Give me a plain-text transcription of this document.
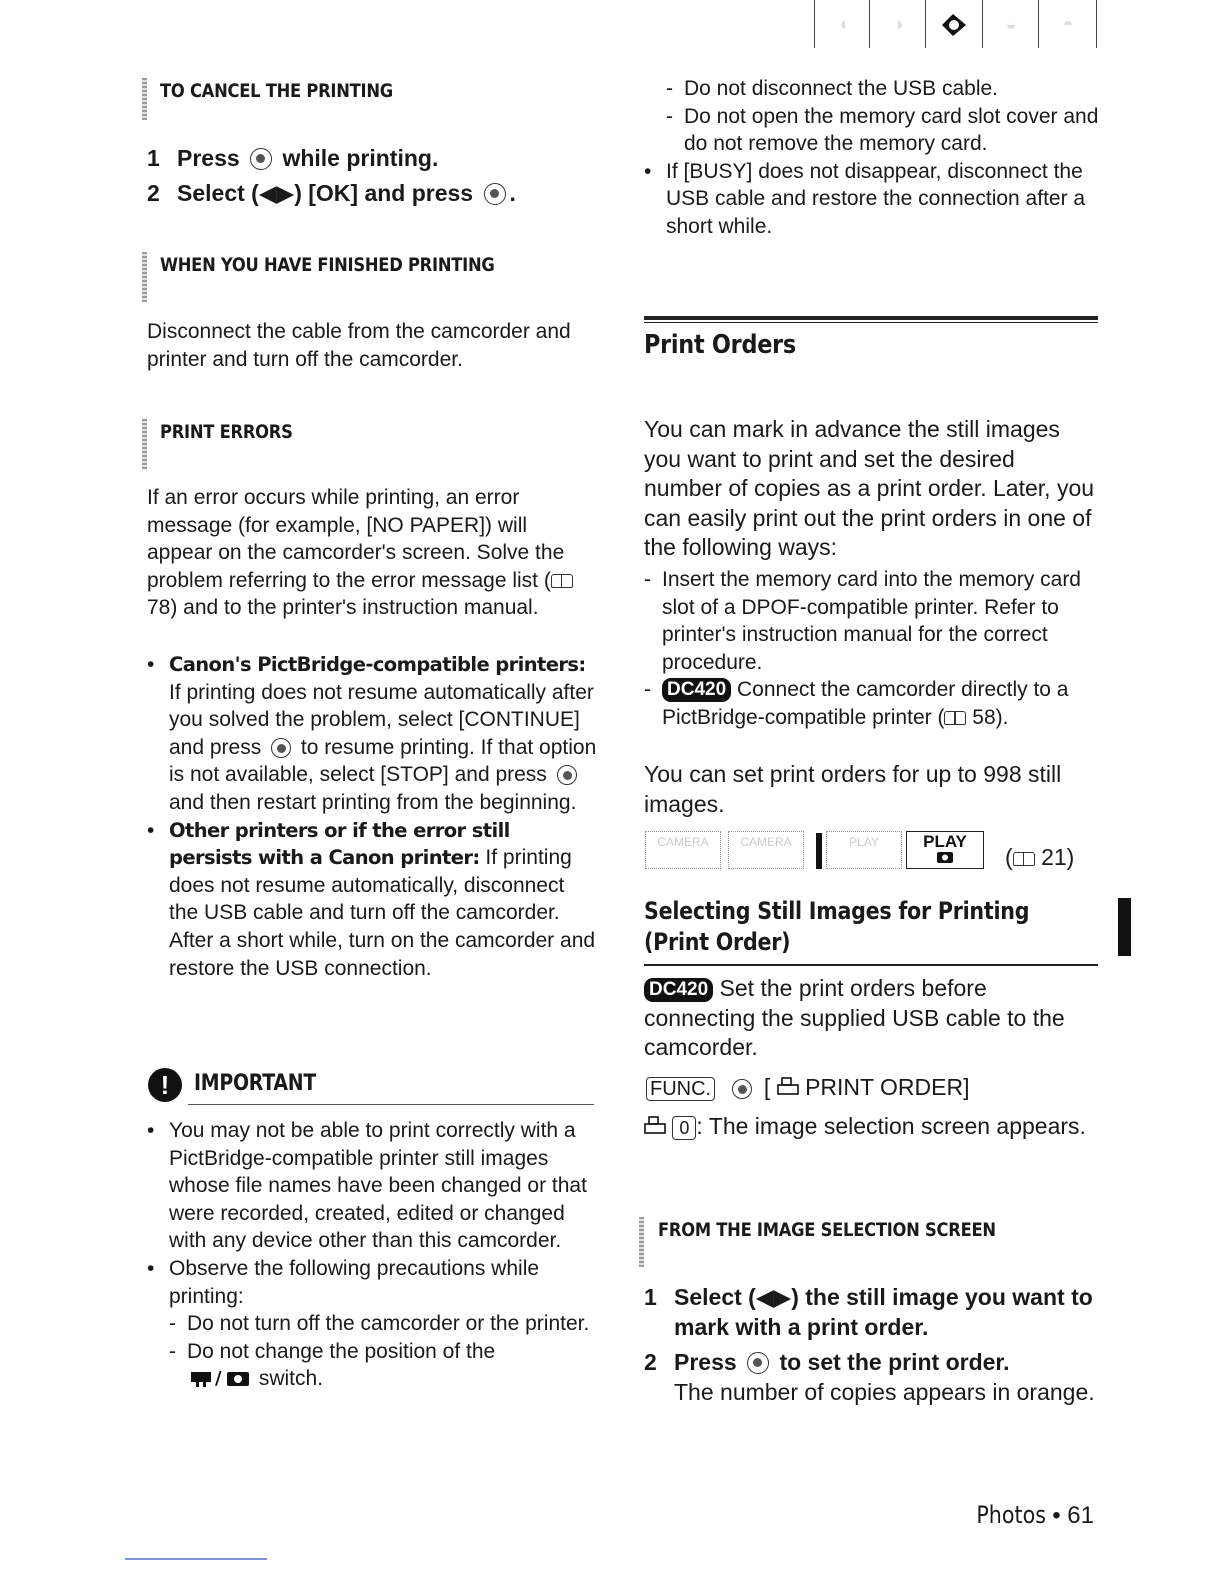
◐	◑	◒	◓
TO CANCEL THE PRINTING
1 Press while printing.
2 Select (◀▶) [OK] and press .
WHEN YOU HAVE FINISHED PRINTING

Disconnect the cable from the camcorder and printer and turn off the camcorder.

PRINT ERRORS

If an error occurs while printing, an error message (for example, [NO PAPER]) will appear on the camcorder's screen. Solve the problem referring to the error message list ( 78) and to the printer's instruction manual.

• Canon's PictBridge-compatible printers: If printing does not resume automatically after you solved the problem, select [CONTINUE] and press to resume printing. If that option is not available, select [STOP] and press  and then restart printing from the beginning.
• Other printers or if the error still persists with a Canon printer: If printing does not resume automatically, disconnect the USB cable and turn off the camcorder. After a short while, turn on the camcorder and restore the USB connection.
!	IMPORTANT
• You may not be able to print correctly with a PictBridge-compatible printer still images whose file names have been changed or that were recorded, created, edited or changed with any device other than this camcorder.
• Observe the following precautions while printing:
- Do not turn off the camcorder or the printer.
- Do not change the position of the

/ switch.
- Do not disconnect the USB cable.
- Do not open the memory card slot cover and do not remove the memory card.
• If [BUSY] does not disappear, disconnect the USB cable and restore the connection after a short while.
Print Orders

You can mark in advance the still images you want to print and set the desired number of copies as a print order. Later, you can easily print out the print orders in one of the following ways:

- Insert the memory card into the memory card slot of a DPOF-compatible printer. Refer to printer's instruction manual for the correct procedure.
- DC420 Connect the camcorder directly to a PictBridge-compatible printer ( 58).

You can set print orders for up to 998 still images.

CAMERA	CAMERA	PLAY	PLAY

( 21)
Selecting Still Images for Printing
(Print Order)

DC420 Set the print orders before connecting the supplied USB cable to the camcorder.

FUNC. [ PRINT ORDER]

0 : The image selection screen appears.

FROM THE IMAGE SELECTION SCREEN
1 Select (◀▶) the still image you want to mark with a print order.
2 Press to set the print order.
The number of copies appears in orange.
Photos • 61
